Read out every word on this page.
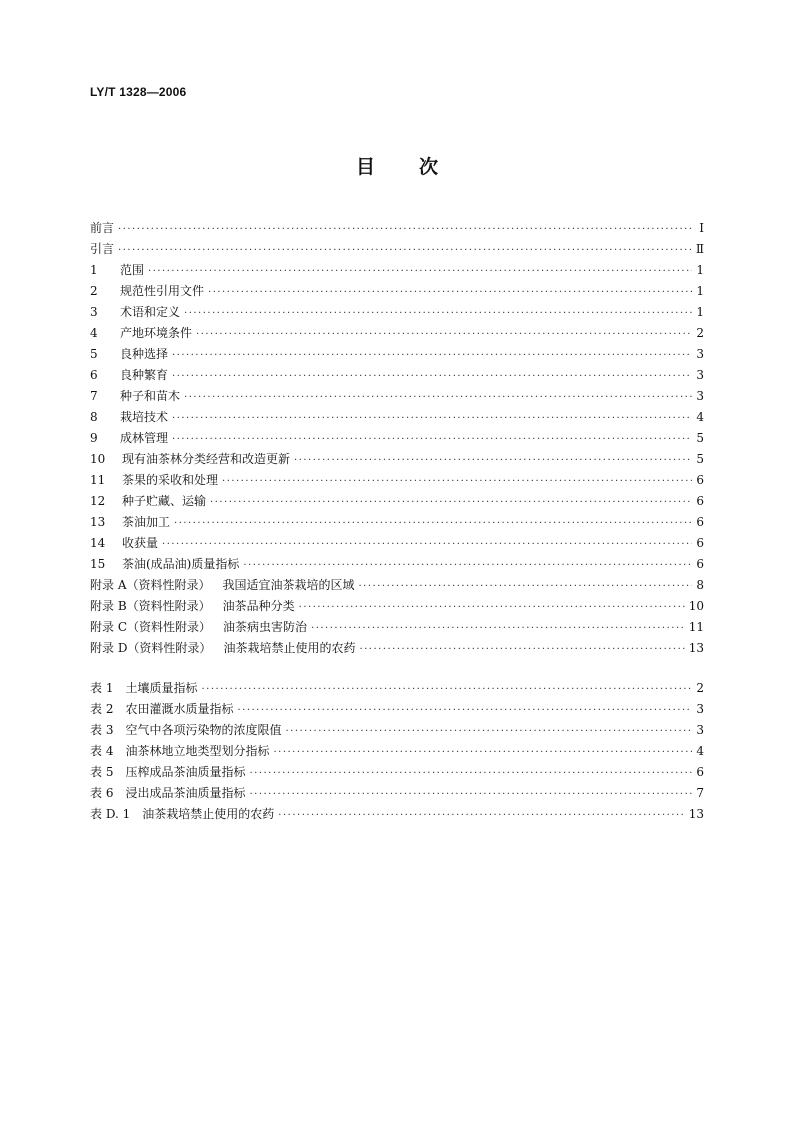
LY/T 1328—2006
目 次
前言 ·····	Ⅰ
引言 ·····	Ⅱ
1 范围 ·····	1
2 规范性引用文件 ·····	1
3 术语和定义 ·····	1
4 产地环境条件 ·····	2
5 良种选择 ·····	3
6 良种繁育 ·····	3
7 种子和苗木 ·····	3
8 栽培技术 ·····	4
9 成林管理 ·····	5
10 现有油茶林分类经营和改造更新 ·····	5
11 茶果的采收和处理 ·····	6
12 种子贮藏、运输 ·····	6
13 茶油加工 ·····	6
14 收获量 ·····	6
15 茶油(成品油)质量指标 ·····	6
附录 A（资料性附录） 我国适宜油茶栽培的区域 ·····	8
附录 B（资料性附录） 油茶品种分类 ·····	10
附录 C（资料性附录） 油茶病虫害防治 ·····	11
附录 D（资料性附录） 油茶栽培禁止使用的农药 ·····	13
表 1 土壤质量指标 ·····	2
表 2 农田灌溉水质量指标 ·····	3
表 3 空气中各项污染物的浓度限值 ·····	3
表 4 油茶林地立地类型划分指标 ·····	4
表 5 压榨成品茶油质量指标 ·····	6
表 6 浸出成品茶油质量指标 ·····	7
表 D. 1 油茶栽培禁止使用的农药 ·····	13
